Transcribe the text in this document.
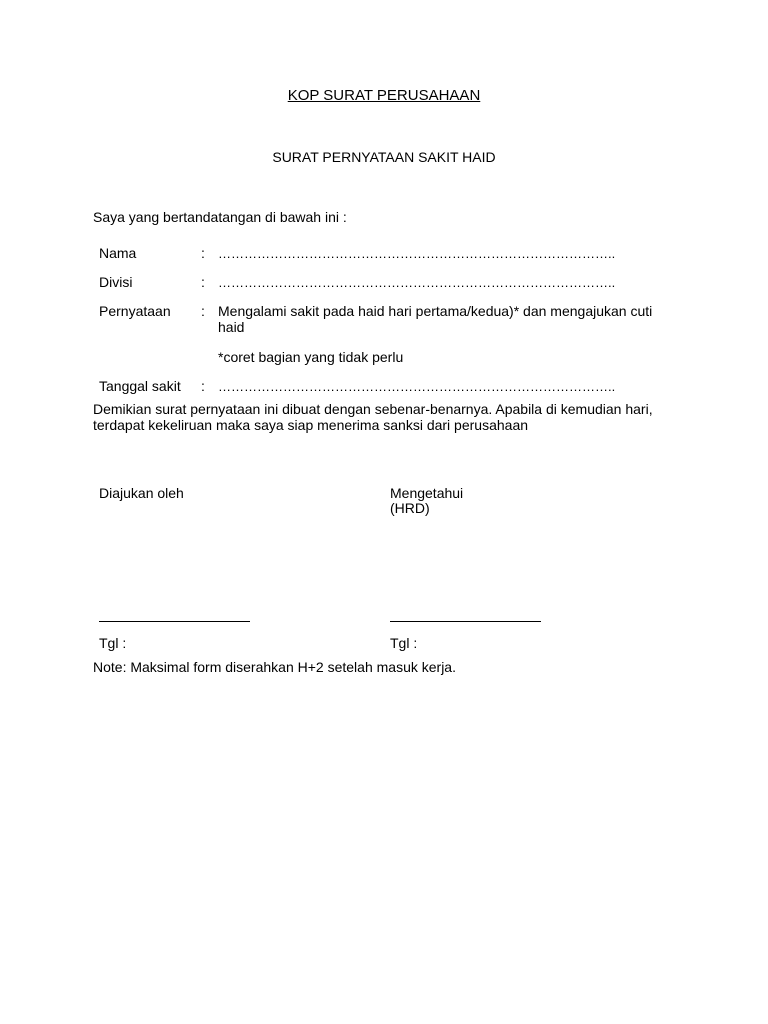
KOP SURAT PERUSAHAAN
SURAT PERNYATAAN SAKIT HAID
Saya yang bertandatangan di bawah ini :
Nama	: ………………………………………………………………………………..
Divisi	: ………………………………………………………………………………..
Pernyataan : Mengalami sakit pada haid hari pertama/kedua)* dan mengajukan cuti haid
*coret bagian yang tidak perlu
Tanggal sakit : ………………………………………………………………………………..
Demikian surat pernyataan ini dibuat dengan sebenar-benarnya. Apabila di kemudian hari, terdapat kekeliruan maka saya siap menerima sanksi dari perusahaan
Diajukan oleh
Tgl :
Mengetahui
(HRD)
Tgl :
Note: Maksimal form diserahkan H+2 setelah masuk kerja.
